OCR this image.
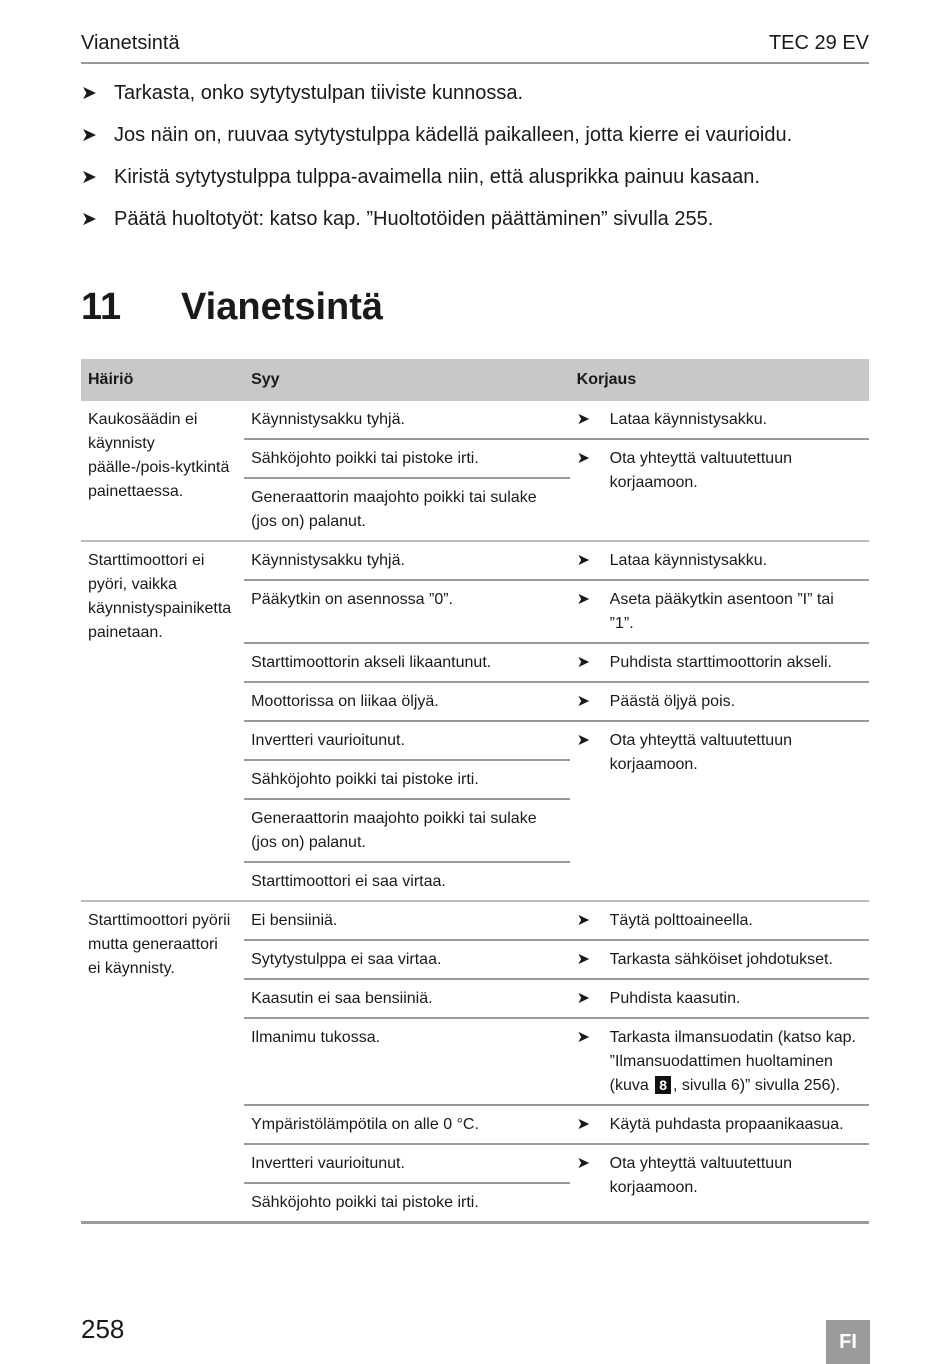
Vianetsintä	TEC 29 EV
➤ Tarkasta, onko sytytystulpan tiiviste kunnossa.
➤ Jos näin on, ruuvaa sytytystulppa kädellä paikalleen, jotta kierre ei vaurioidu.
➤ Kiristä sytytystulppa tulppa-avaimella niin, että alusprikka painuu kasaan.
➤ Päätä huoltotyöt: katso kap. ”Huoltotöiden päättäminen” sivulla 255.
11 Vianetsintä
Häiriö		Syy	Korjaus
Kaukosäädin ei käynnisty päälle-/pois-kytkintä painettaessa.		Käynnistysakku tyhjä.	➤ Lataa käynnistysakku.

		Sähköjohto poikki tai pistoke irti.	➤ Ota yhteyttä valtuutettuun korjaamoon.

		Generaattorin maajohto poikki tai sulake (jos on) palanut.	
Starttimoottori ei pyöri, vaikka käynnistyspainiketta painetaan.		Käynnistysakku tyhjä.	➤ Lataa käynnistysakku.

		Pääkytkin on asennossa ”0”.	➤ Aseta pääkytkin asentoon ”I” tai ”1”.

		Starttimoottorin akseli likaantunut.	➤ Puhdista starttimoottorin akseli.

		Moottorissa on liikaa öljyä.	➤ Päästä öljyä pois.

		Invertteri vaurioitunut.	➤ Ota yhteyttä valtuutettuun korjaamoon.

		Sähköjohto poikki tai pistoke irti.	
		Generaattorin maajohto poikki tai sulake (jos on) palanut.	
		Starttimoottori ei saa virtaa.	
Starttimoottori pyörii mutta generaattori ei käynnisty.		Ei bensiiniä.	➤ Täytä polttoaineella.

		Sytytystulppa ei saa virtaa.	➤ Tarkasta sähköiset johdotukset.

		Kaasutin ei saa bensiiniä.	➤ Puhdista kaasutin.

		Ilmanimu tukossa.	➤ Tarkasta ilmansuodatin (katso kap. ”Ilmansuodattimen huoltaminen (kuva 8 , sivulla 6)” sivulla 256).

		Ympäristölämpötila on alle 0 °C.	➤ Käytä puhdasta propaanikaasua.

		Invertteri vaurioitunut.	➤ Ota yhteyttä valtuutettuun korjaamoon.

		Sähköjohto poikki tai pistoke irti.	
258	FI
